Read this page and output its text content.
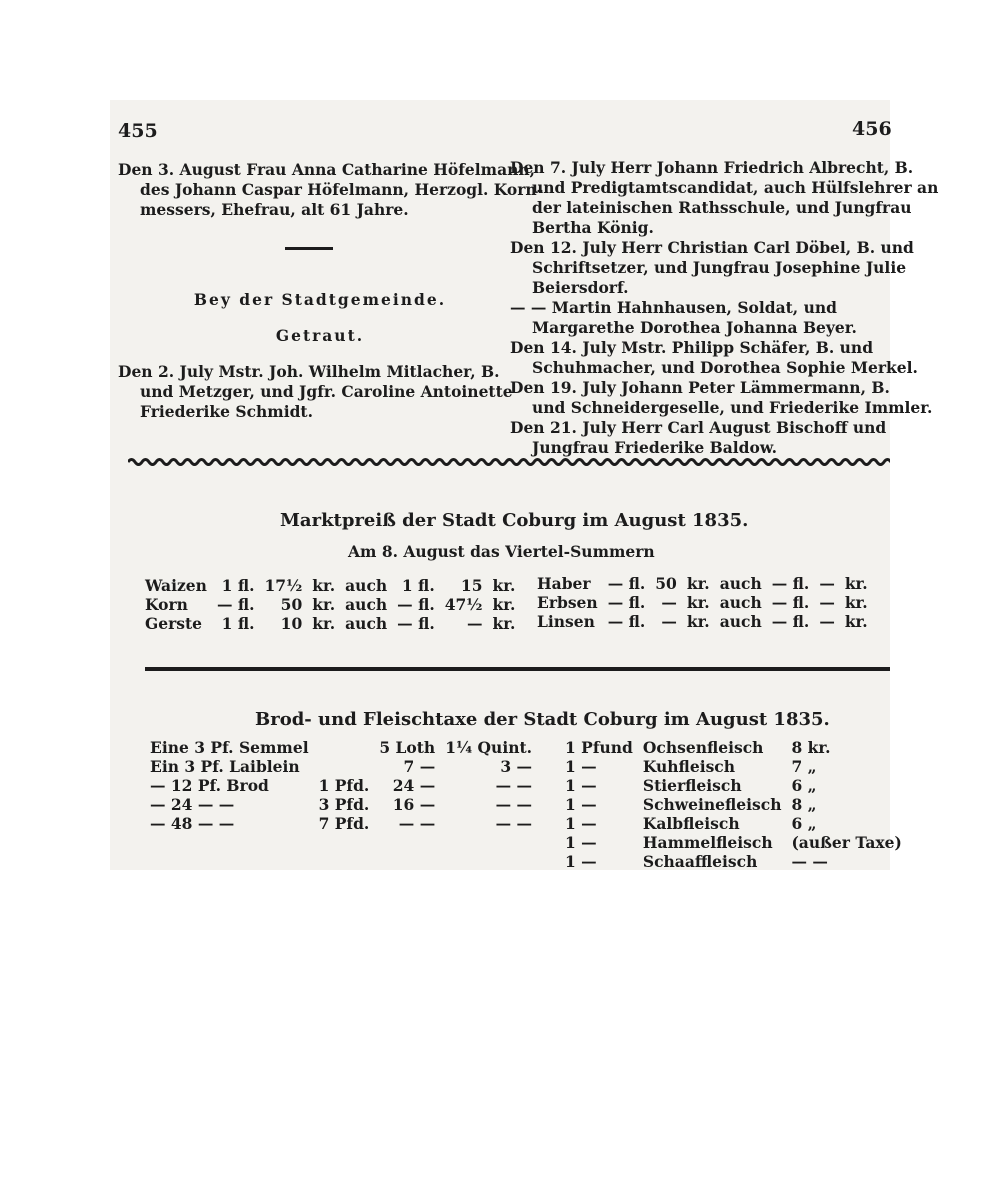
455	456

Den 3. August Frau Anna Catharine Höfelmann,

des Johann Caspar Höfelmann, Herzogl. Korn-

messers, Ehefrau, alt 61 Jahre.

Bey der Stadtgemeinde.
Getraut.

Den 2. July Mstr. Joh. Wilhelm Mitlacher, B.

und Metzger, und Jgfr. Caroline Antoinette

Friederike Schmidt.

Den 7. July Herr Johann Friedrich Albrecht, B.

und Predigtamtscandidat, auch Hülfslehrer an

der lateinischen Rathsschule, und Jungfrau

Bertha König.

Den 12. July Herr Christian Carl Döbel, B. und

Schriftsetzer, und Jungfrau Josephine Julie

Beiersdorf.

— — Martin Hahnhausen, Soldat, und

Margarethe Dorothea Johanna Beyer.

Den 14. July Mstr. Philipp Schäfer, B. und

Schuhmacher, und Dorothea Sophie Merkel.

Den 19. July Johann Peter Lämmermann, B.

und Schneidergeselle, und Friederike Immler.

Den 21. July Herr Carl August Bischoff und

Jungfrau Friederike Baldow.

Marktpreiß der Stadt Coburg im August 1835.
Am 8. August das Viertel-Summern
Waizen	1 fl.	17½	kr.	auch	1 fl.	15	kr.
Korn	— fl.	50	kr.	auch	— fl.	47½	kr.
Gerste	1 fl.	10	kr.	auch	— fl.	—	kr.
Haber	— fl.	50	kr.	auch	— fl.	—	kr.
Erbsen	— fl.	—	kr.	auch	— fl.	—	kr.
Linsen	— fl.	—	kr.	auch	— fl.	—	kr.
Brod- und Fleischtaxe der Stadt Coburg im August 1835.
Eine 3 Pf. Semmel		5 Loth	1¼ Quint.
Ein 3 Pf. Laiblein		7 —	3 —
— 12 Pf. Brod	1 Pfd.	24 —	— —
— 24 — —	3 Pfd.	16 —	— —
— 48 — —	7 Pfd.	— —	— —
1 Pfund	Ochsenfleisch	8 kr.
1 —	Kuhfleisch	7 „
1 —	Stierfleisch	6 „
1 —	Schweinefleisch	8 „
1 —	Kalbfleisch	6 „
1 —	Hammelfleisch	(außer Taxe)
1 —	Schaaffleisch	— —
